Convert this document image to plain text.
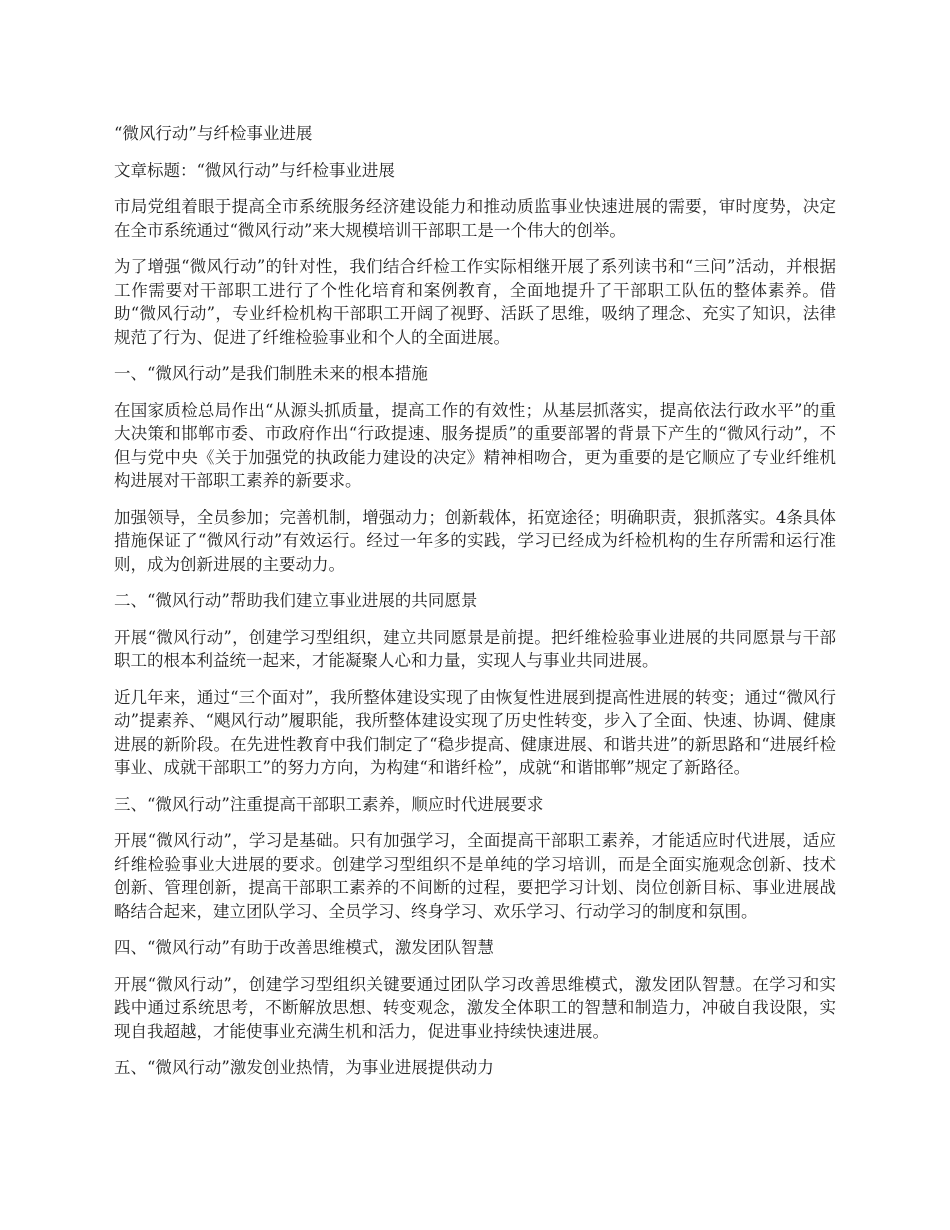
“微风行动”与纤检事业进展

文章标题：“微风行动”与纤检事业进展

市局党组着眼于提高全市系统服务经济建设能力和推动质监事业快速进展的需要，审时度势，决定在全市系统通过“微风行动”来大规模培训干部职工是一个伟大的创举。

为了增强“微风行动”的针对性，我们结合纤检工作实际相继开展了系列读书和“三问”活动，并根据工作需要对干部职工进行了个性化培育和案例教育，全面地提升了干部职工队伍的整体素养。借助“微风行动”，专业纤检机构干部职工开阔了视野、活跃了思维，吸纳了理念、充实了知识，法律规范了行为、促进了纤维检验事业和个人的全面进展。

一、“微风行动”是我们制胜未来的根本措施

在国家质检总局作出“从源头抓质量，提高工作的有效性；从基层抓落实，提高依法行政水平”的重大决策和邯郸市委、市政府作出“行政提速、服务提质”的重要部署的背景下产生的“微风行动”，不但与党中央《关于加强党的执政能力建设的决定》精神相吻合，更为重要的是它顺应了专业纤维机构进展对干部职工素养的新要求。

加强领导，全员参加；完善机制，增强动力；创新载体，拓宽途径；明确职责，狠抓落实。4条具体措施保证了“微风行动”有效运行。经过一年多的实践，学习已经成为纤检机构的生存所需和运行准则，成为创新进展的主要动力。

二、“微风行动”帮助我们建立事业进展的共同愿景

开展“微风行动”，创建学习型组织，建立共同愿景是前提。把纤维检验事业进展的共同愿景与干部职工的根本利益统一起来，才能凝聚人心和力量，实现人与事业共同进展。

近几年来，通过“三个面对”，我所整体建设实现了由恢复性进展到提高性进展的转变；通过“微风行动”提素养、“飓风行动”履职能，我所整体建设实现了历史性转变，步入了全面、快速、协调、健康进展的新阶段。在先进性教育中我们制定了“稳步提高、健康进展、和谐共进”的新思路和“进展纤检事业、成就干部职工”的努力方向，为构建“和谐纤检”，成就“和谐邯郸”规定了新路径。

三、“微风行动”注重提高干部职工素养，顺应时代进展要求

开展“微风行动”，学习是基础。只有加强学习，全面提高干部职工素养，才能适应时代进展，适应纤维检验事业大进展的要求。创建学习型组织不是单纯的学习培训，而是全面实施观念创新、技术创新、管理创新，提高干部职工素养的不间断的过程，要把学习计划、岗位创新目标、事业进展战略结合起来，建立团队学习、全员学习、终身学习、欢乐学习、行动学习的制度和氛围。

四、“微风行动”有助于改善思维模式，激发团队智慧

开展“微风行动”，创建学习型组织关键要通过团队学习改善思维模式，激发团队智慧。在学习和实践中通过系统思考，不断解放思想、转变观念，激发全体职工的智慧和制造力，冲破自我设限，实现自我超越，才能使事业充满生机和活力，促进事业持续快速进展。

五、“微风行动”激发创业热情，为事业进展提供动力
